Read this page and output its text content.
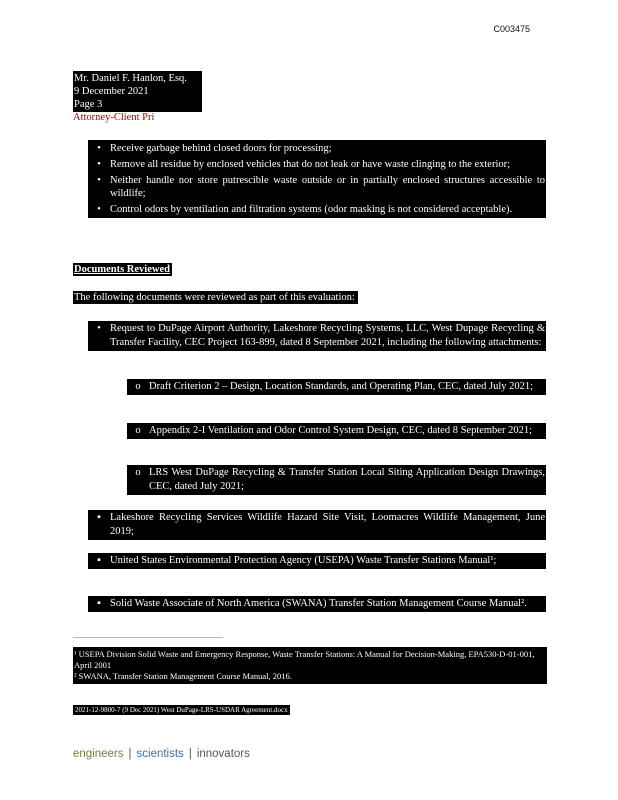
C003475
Mr. Daniel F. Hanlon, Esq.
9 December 2021
Page 3
Attorney-Client Pri
• Receive garbage behind closed doors for processing;
• Remove all residue by enclosed vehicles that do not leak or have waste clinging to the exterior;
• Neither handle nor store putrescible waste outside or in partially enclosed structures accessible to wildlife;
• Control odors by ventilation and filtration systems (odor masking is not considered acceptable).
Documents Reviewed
The following documents were reviewed as part of this evaluation:
• Request to DuPage Airport Authority, Lakeshore Recycling Systems, LLC, West Dupage Recycling & Transfer Facility, CEC Project 163-899, dated 8 September 2021, including the following attachments:
o Draft Criterion 2 – Design, Location Standards, and Operating Plan, CEC, dated July 2021;
o Appendix 2-I Ventilation and Odor Control System Design, CEC, dated 8 September 2021;
o LRS West DuPage Recycling & Transfer Station Local Siting Application Design Drawings, CEC, dated July 2021;
▪ Lakeshore Recycling Services Wildlife Hazard Site Visit, Loomacres Wildlife Management, June 2019;
▪ United States Environmental Protection Agency (USEPA) Waste Transfer Stations Manual¹;
▪ Solid Waste Associate of North America (SWANA) Transfer Station Management Course Manual².
¹ USEPA Division Solid Waste and Emergency Response, Waste Transfer Stations: A Manual for Decision-Making, EPA530-D-01-001, April 2001
² SWANA, Transfer Station Management Course Manual, 2016.
2021-12-9800-7 (9 Dec 2021) West DuPage-LRS-USDAR Agreement.docx
engineers | scientists | innovators
